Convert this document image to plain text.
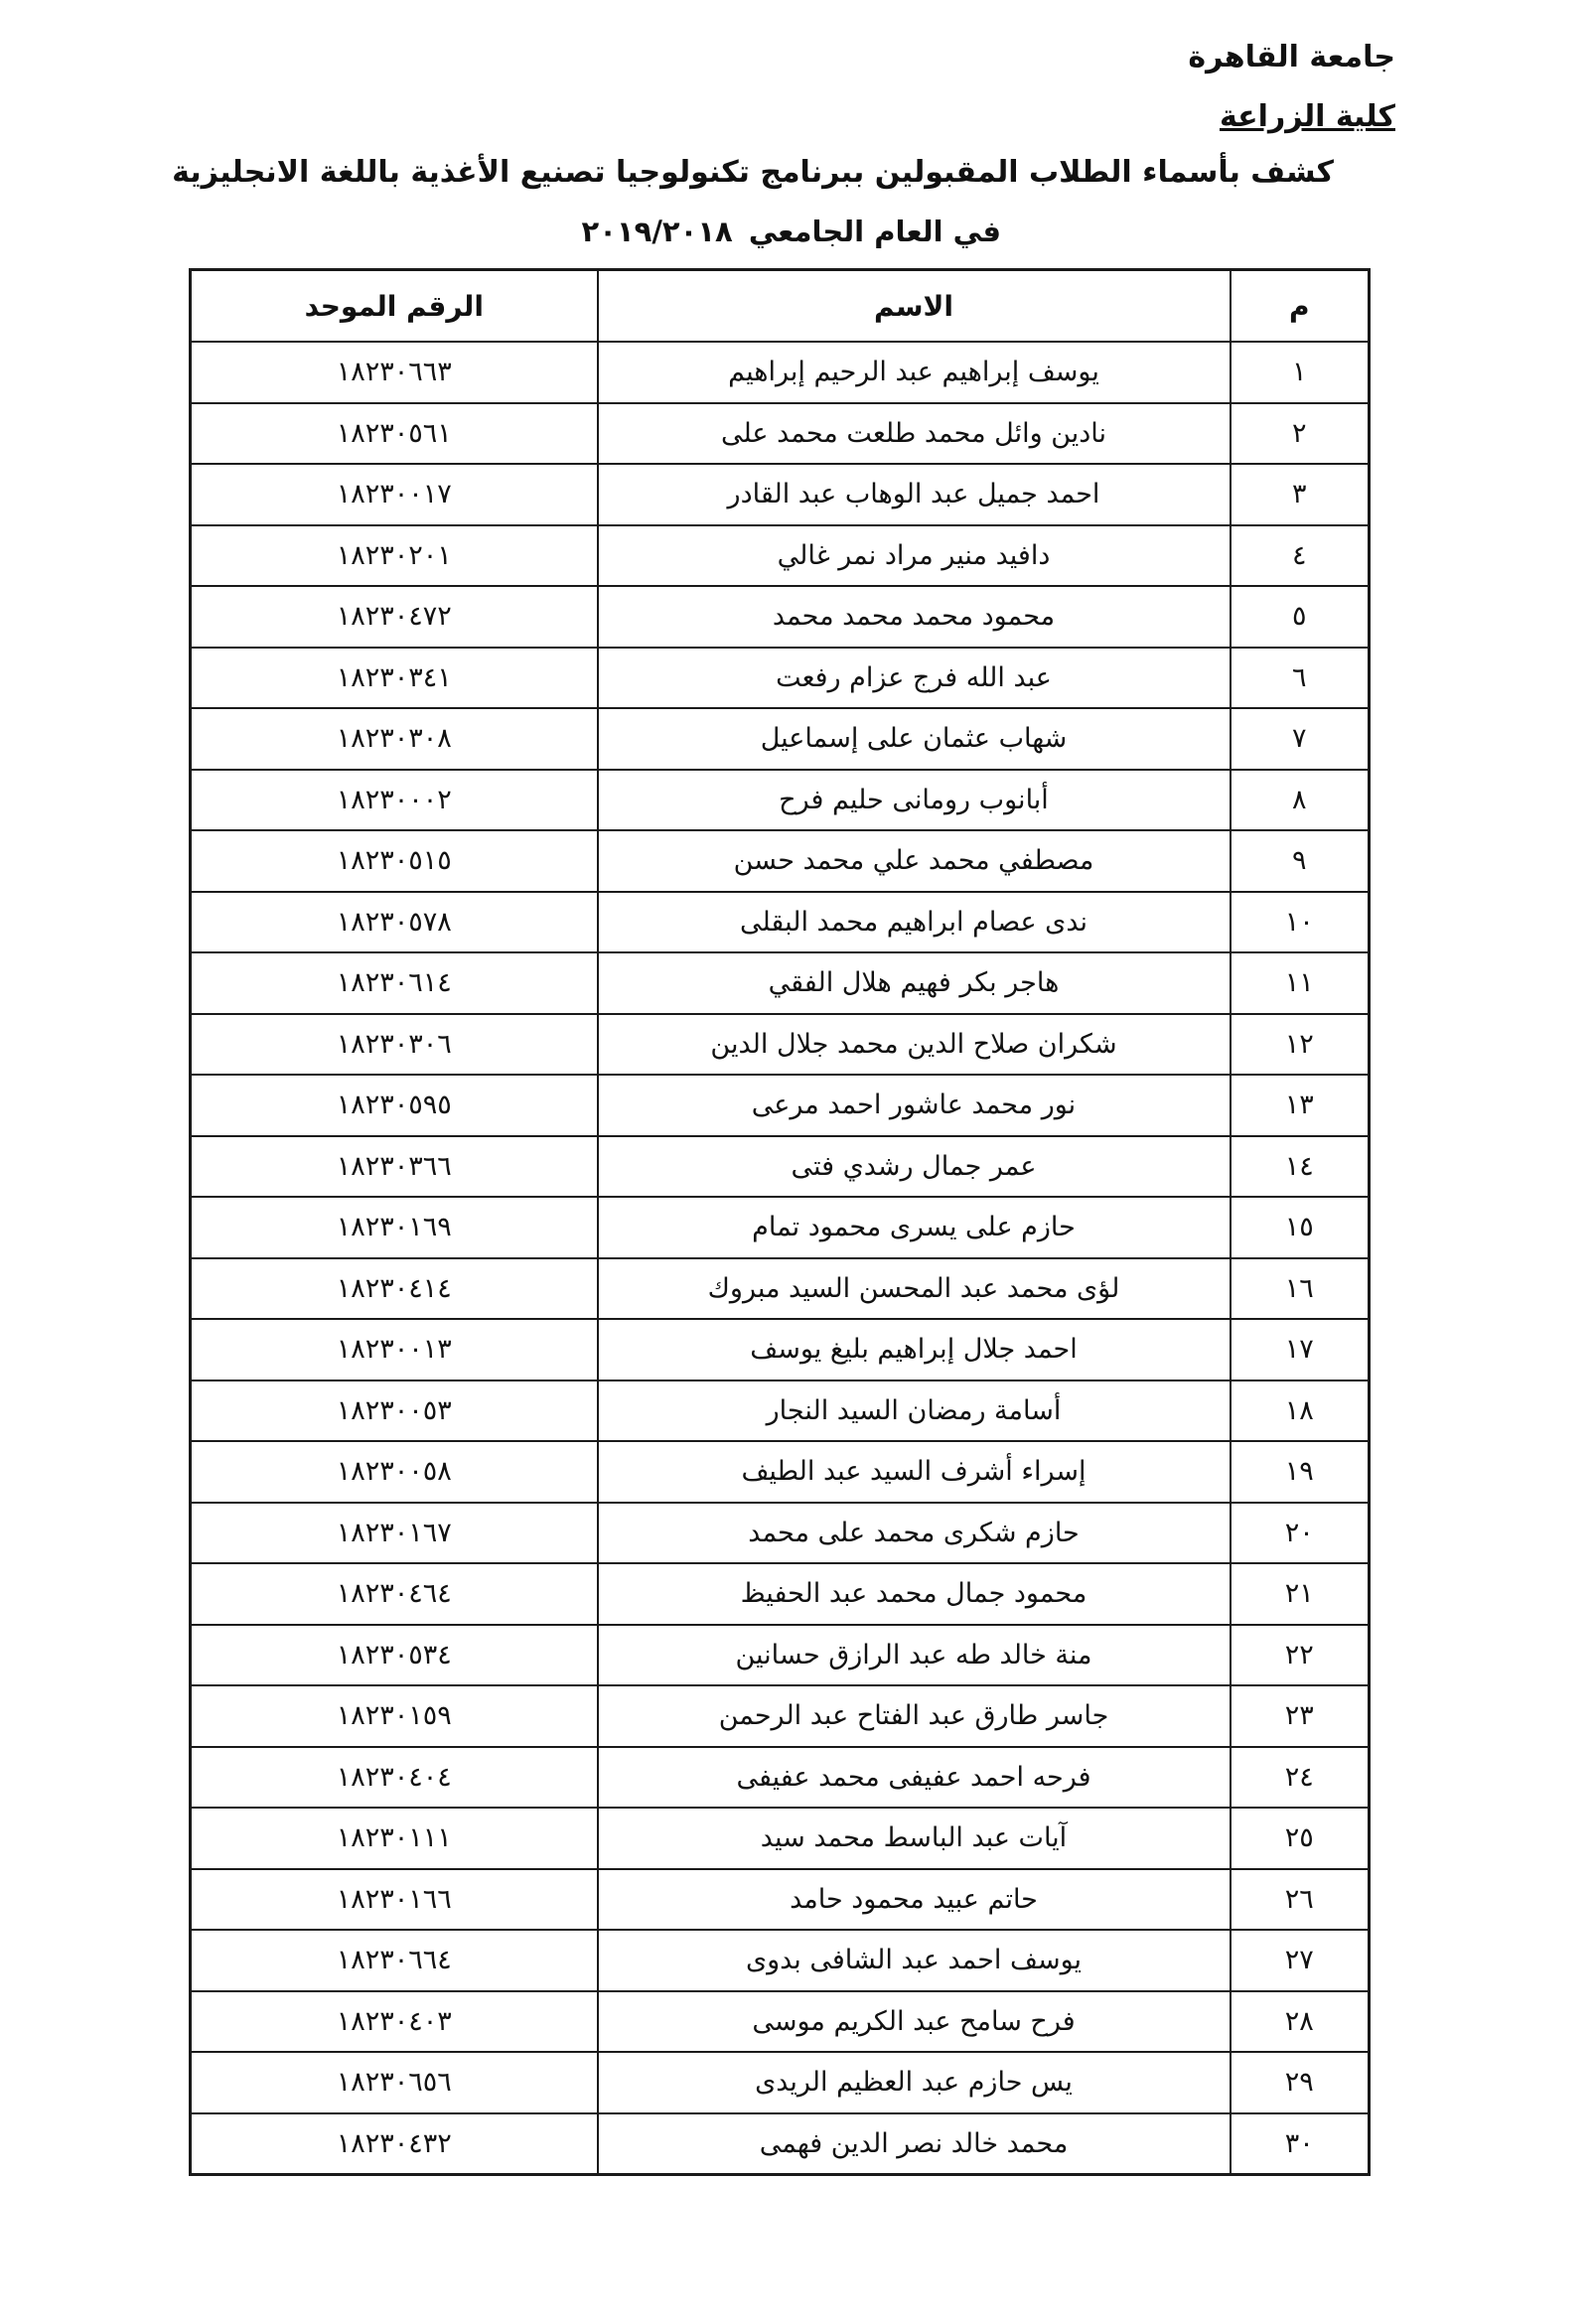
جامعة القاهرة
كلية الزراعة
كشف بأسماء الطلاب المقبولين ببرنامج تكنولوجيا تصنيع الأغذية باللغة الانجليزية
في العام الجامعي ٢٠١٩/٢٠١٨
م	الاسم	الرقم الموحد
١	يوسف إبراهيم عبد الرحيم إبراهيم	١٨٢٣٠٦٦٣
٢	نادين وائل محمد طلعت محمد على	١٨٢٣٠٥٦١
٣	احمد جميل عبد الوهاب عبد القادر	١٨٢٣٠٠١٧
٤	دافيد منير مراد نمر غالي	١٨٢٣٠٢٠١
٥	محمود محمد محمد محمد	١٨٢٣٠٤٧٢
٦	عبد الله فرج عزام رفعت	١٨٢٣٠٣٤١
٧	شهاب عثمان على إسماعيل	١٨٢٣٠٣٠٨
٨	أبانوب رومانى حليم فرح	١٨٢٣٠٠٠٢
٩	مصطفي محمد علي محمد حسن	١٨٢٣٠٥١٥
١٠	ندى عصام ابراهيم محمد البقلى	١٨٢٣٠٥٧٨
١١	هاجر بكر فهيم هلال الفقي	١٨٢٣٠٦١٤
١٢	شكران صلاح الدين محمد جلال الدين	١٨٢٣٠٣٠٦
١٣	نور محمد عاشور احمد مرعى	١٨٢٣٠٥٩٥
١٤	عمر جمال رشدي فتى	١٨٢٣٠٣٦٦
١٥	حازم على يسرى محمود تمام	١٨٢٣٠١٦٩
١٦	لؤى محمد عبد المحسن السيد مبروك	١٨٢٣٠٤١٤
١٧	احمد جلال إبراهيم بليغ يوسف	١٨٢٣٠٠١٣
١٨	أسامة رمضان السيد النجار	١٨٢٣٠٠٥٣
١٩	إسراء أشرف السيد عبد الطيف	١٨٢٣٠٠٥٨
٢٠	حازم شكرى محمد على محمد	١٨٢٣٠١٦٧
٢١	محمود جمال محمد عبد الحفيظ	١٨٢٣٠٤٦٤
٢٢	منة خالد طه عبد الرازق حسانين	١٨٢٣٠٥٣٤
٢٣	جاسر طارق عبد الفتاح عبد الرحمن	١٨٢٣٠١٥٩
٢٤	فرحه احمد عفيفى محمد عفيفى	١٨٢٣٠٤٠٤
٢٥	آيات عبد الباسط محمد سيد	١٨٢٣٠١١١
٢٦	حاتم عبيد محمود حامد	١٨٢٣٠١٦٦
٢٧	يوسف احمد عبد الشافى بدوى	١٨٢٣٠٦٦٤
٢٨	فرح سامح عبد الكريم موسى	١٨٢٣٠٤٠٣
٢٩	يس حازم عبد العظيم الريدى	١٨٢٣٠٦٥٦
٣٠	محمد خالد نصر الدين فهمى	١٨٢٣٠٤٣٢
